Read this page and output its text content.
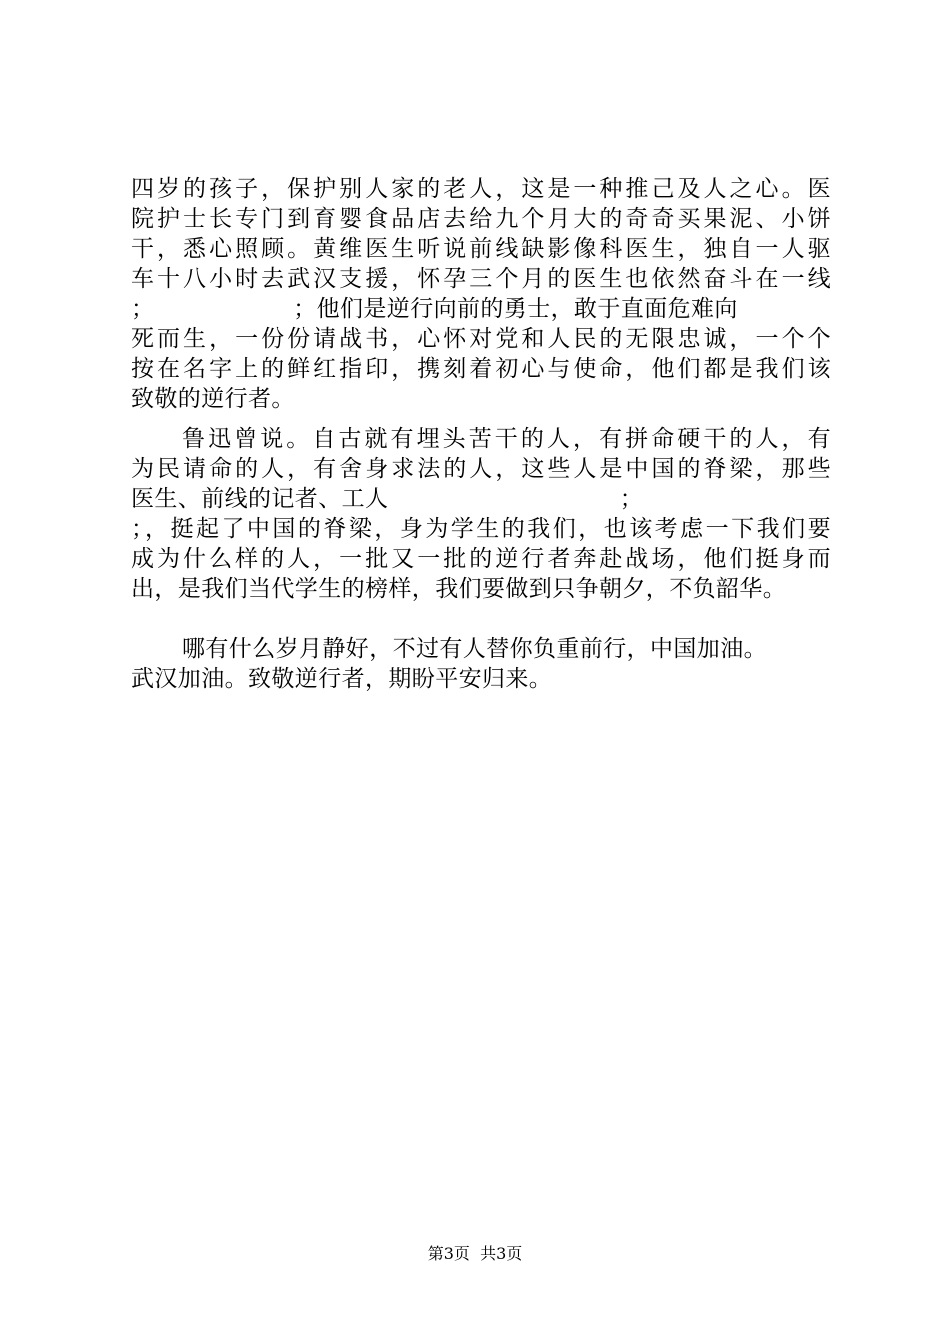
四岁的孩子，保护别人家的老人，这是一种推己及人之心。医
院护士长专门到育婴食品店去给九个月大的奇奇买果泥、小饼
干，悉心照顾。黄维医生听说前线缺影像科医生，独自一人驱
车十八小时去武汉支援，怀孕三个月的医生也依然奋斗在一线
；                  ；他们是逆行向前的勇士，敢于直面危难向
死而生，一份份请战书，心怀对党和人民的无限忠诚，一个个
按在名字上的鲜红指印，携刻着初心与使命，他们都是我们该
致敬的逆行者。
鲁迅曾说。自古就有埋头苦干的人，有拼命硬干的人，有
为民请命的人，有舍身求法的人，这些人是中国的脊梁，那些
医生、前线的记者、工人                              ；
；，挺起了中国的脊梁，身为学生的我们，也该考虑一下我们要
成为什么样的人，一批又一批的逆行者奔赴战场，他们挺身而
出，是我们当代学生的榜样，我们要做到只争朝夕，不负韶华。
哪有什么岁月静好，不过有人替你负重前行，中国加油。
武汉加油。致敬逆行者，期盼平安归来。
第3页  共3页
